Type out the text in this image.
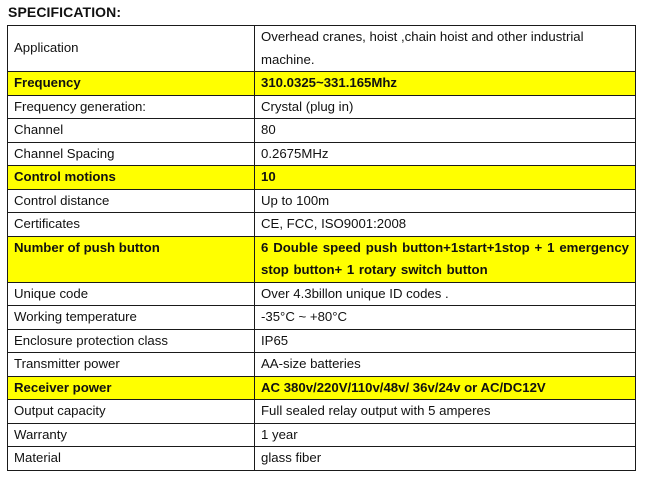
SPECIFICATION:
Application	Overhead cranes, hoist ,chain hoist and other industrial machine.
Frequency	310.0325~331.165Mhz
Frequency generation:	Crystal (plug in)
Channel	80
Channel Spacing	0.2675MHz
Control motions	10
Control distance	Up to 100m
Certificates	CE, FCC, ISO9001:2008
Number of push button	6 Double speed push button+1start+1stop + 1 emergency stop button+ 1 rotary switch button
Unique code	Over 4.3billon unique ID codes .
Working temperature	-35°C ~ +80°C
Enclosure protection class	IP65
Transmitter power	AA-size batteries
Receiver power	AC 380v/220V/110v/48v/ 36v/24v or AC/DC12V
Output capacity	Full sealed relay output with 5 amperes
Warranty	1 year
Material	glass fiber
